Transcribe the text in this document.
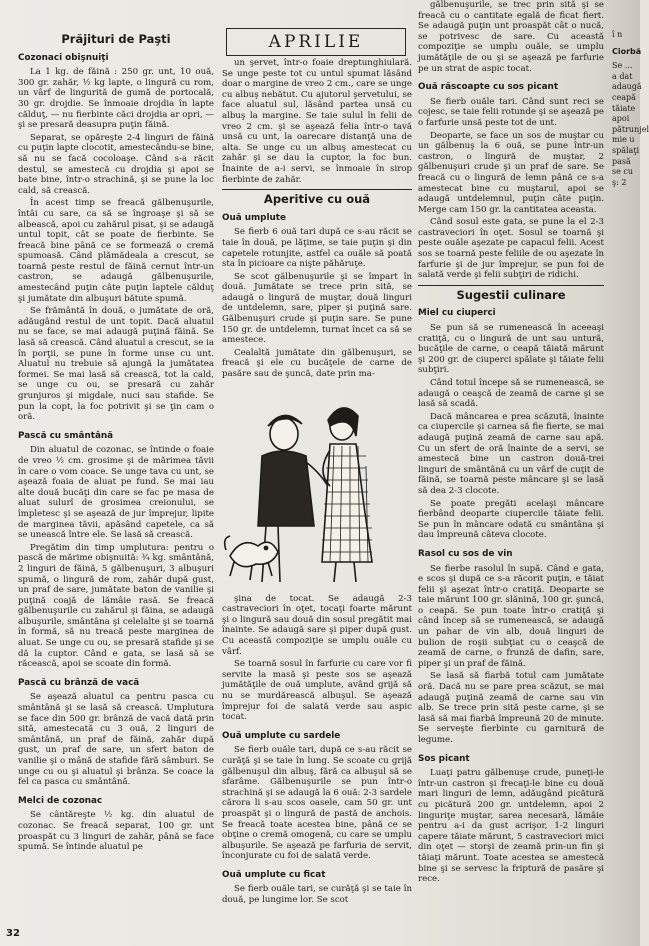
APRILIE
Prăjituri de Paşti
Cozonaci obişnuiţi

La 1 kg. de făină : 250 gr. unt, 10 ouă, 300 gr. zahăr, ½ kg lapte, o lingură cu rom, un vârf de lingurită de gumă de portocală, 30 gr. drojdie. Se înmoaie drojdia în lapte călduţ, — nu fierbinte căci drojdia ar opri, — şi se presară deasupra puţin făină.

Separat, se opăreşte 2-4 linguri de făină cu puţin lapte clocotit, amestecându-se bine, să nu se facă cocoloaşe. Când s-a răcit destul, se amestecă cu drojdia şi apoi se bate bine, într-o strachină, şi se pune la loc cald, să crească.

În acest timp se freacă gălbenuşurile, întâi cu sare, ca să se îngroaşe şi să se albească, apoi cu zahărul pisat, şi se adaugă untul topit, cât se poate de fierbinte. Se freacă bine până ce se formează o cremă spumoasă. Când plămădeala a crescut, se toarnă peste restul de făină cernut într-un castron, se adaugă gălbenuşurile, amestecând puţin câte puţin laptele călduţ şi jumătate din albuşuri bătute spumă.

Se frământă în două, o jumătate de oră, adăugând restul de unt topit. Dacă aluatul nu se face, se mai adaugă puţină făină. Se lasă să crească. Când aluatul a crescut, se ia în porţii, se pune în forme unse cu unt. Aluatul nu trebuie să ajungă la jumătatea formei. Se mai lasă să crească, tot la cald, se unge cu ou, se presară cu zahăr grunjuros şi migdale, nuci sau stafide. Se pun la copt, la foc potrivit şi se ţin cam o oră.

Pască cu smântână

Din aluatul de cozonac, se întinde o foaie de vreo ½ cm. grosime şi de mărimea tăvii în care o vom coace. Se unge tava cu unt, se aşează foaia de aluat pe fund. Se mai iau alte două bucăţi din care se fac pe masa de aluat sulurî de grosimea creionului, se împletesc şi se aşează de jur împrejur, lipite de marginea tăvii, apăsând capetele, ca să se unească între ele. Se lasă să crească.

Pregătim din timp umplutura: pentru o pască de mărime obişnuită: ¾ kg. smântână, 2 linguri de făină, 5 gălbenuşuri, 3 albuşuri spumă, o lingură de rom, zahăr după gust, un praf de sare, jumătate baton de vanilie şi puţină coajă de lămâie rasă. Se freacă gălbenuşurile cu zahărul şi făina, se adaugă albuşurile, smântâna şi celelalte şi se toarnă în formă, să nu treacă peste marginea de aluat. Se unge cu ou, se presară stafide şi se dă la cuptor. Când e gata, se lasă să se răcească, apoi se scoate din formă.

Pască cu brânză de vacă

Se aşează aluatul ca pentru pasca cu smântână şi se lasă să crească. Umplutura se face din 500 gr. brânză de vacă dată prin sită, amestecată cu 3 ouă, 2 linguri de smântână, un praf de făină, zahăr după gust, un praf de sare, un sfert baton de vanilie şi o mână de stafide fără sâmburi. Se unge cu ou şi aluatul şi brânza. Se coace la fel ca pasca cu smântână.

Melci de cozonac

Se cântăreşte ½ kg. din aluatul de cozonac. Se freacă separat, 100 gr. unt proaspăt cu 3 linguri de zahăr, până se face spumă. Se întinde aluatul pe

un şervet, într-o foaie dreptunghiulară. Se unge peste tot cu untul spumat lăsând doar o margine de vreo 2 cm., care se unge cu albuş nebătut. Cu ajutorul şervetului, se face aluatul sul, lăsând partea unsă cu albuş la margine. Se taie sulul în felii de vreo 2 cm. şi se aşează felia într-o tavă unsă cu unt, la oarecare distanţă una de alta. Se unge cu un albuş amestecat cu zahăr şi se dau la cuptor, la foc bun. Înainte de a-i servi, se înmoaie în sirop fierbinte de zahăr.

Aperitive cu ouă
Ouă umplute

Se fierb 6 ouă tari după ce s-au răcit se taie în două, pe lăţime, se taie puţin şi din capetele rotunjite, astfel ca ouăle să poată sta în picioare ca nişte păhăruţe.

Se scot gălbenuşurile şi se împart în două. Jumătate se trece prin sită, se adaugă o lingură de muştar, două linguri de untdelemn, sare, piper şi puţină sare. Gălbenuşuri crude şi puţin sare. Se pune 150 gr. de untdelemn, turnat încet ca să se amestece.

Cealaltă jumătate din gălbenuşuri, se freacă şi ele cu bucăţele de carne de pasăre sau de şuncă, date prin ma-

şina de tocat. Se adaugă 2-3 castraveciori în oţet, tocaţi foarte mărunt şi o lingură sau două din sosul pregătit mai înainte. Se adaugă sare şi piper după gust. Cu această compoziţie se umplu ouăle cu vârf.

Se toarnă sosul în farfurie cu care vor fi servite la masă şi peste sos se aşează jumătăţile de ouă umplute, având grijă să nu se murdărească albuşul. Se aşează împrejur foi de salată verde sau aspic tocat.

Ouă umplute cu sardele

Se fierb ouăle tari, după ce s-au răcit se curăţă şi se taie în lung. Se scoate cu grijă gălbenuşul din albuş, fără ca albuşul să se sfarâme. Gălbenuşurile se pun într-o strachină şi se adaugă la 6 ouă: 2-3 sardele cărora li s-au scos oasele, cam 50 gr. unt proaspăt şi o lingură de pastă de anchois. Se freacă toate acestea bine, până ce se obţine o cremă omogenă, cu care se umplu albuşurile. Se aşează pe farfuria de servit, înconjurate cu foi de salată verde.

Ouă umplute cu ficat

Se fierb ouăle tari, se curăţă şi se taie în două, pe lungime lor. Se scot

gălbenuşurile, se trec prin sită şi se freacă cu o cantitate egală de ficat fiert. Se adaugă puţin unt proaspăt cât o nucă, se potrivesc de sare. Cu această compoziţie se umplu ouăle, se umplu jumătăţile de ou şi se aşează pe farfurie pe un strat de aspic tocat.

Ouă răscoapte cu sos picant

Se fierb ouăle tari. Când sunt reci se cojesc, se taie felii rotunde şi se aşează pe o farfurie unsă peste tot de unt.

Deoparte, se face un sos de muştar cu un gălbenuş la 6 ouă, se pune într-un castron, o lingură de muştar, 2 gălbenuşuri crude şi un praf de sare. Se freacă cu o lingură de lemn până ce s-a amestecat bine cu muştarul, apoi se adaugă untdelemnul, puţin câte puţin. Merge cam 150 gr. la cantitatea aceasta.

Când sosul este gata, se pune la el 2-3 castraveciori în oţet. Sosul se toarnă şi peste ouăle aşezate pe capacul felii. Acest sos se toarnă peste feliile de ou aşezate în farfurie şi de jur împrejur, se pun foi de salată verde şi felii subţiri de ridichi.

Sugestii culinare
Miel cu ciuperci

Se pun să se rumenească în aceeaşi cratiţă, cu o lingură de unt sau untură, bucăţile de carne, o ceapă tăiată mărunt şi 200 gr. de ciuperci spălate şi tăiate felii subţiri.

Când totul începe să se rumenească, se adaugă o ceaşcă de zeamă de carne şi se lasă să scadă.

Dacă mâncarea e prea scăzută, înainte ca ciupercile şi carnea să fie fierte, se mai adaugă puţină zeamă de carne sau apă. Cu un sfert de oră înainte de a servi, se amestecă bine un castron două-trei linguri de smântână cu un vârf de cuţit de făină, se toarnă peste mâncare şi se lasă să dea 2-3 clocote.

Se poate pregăti acelaşi mâncare fierbând deoparte ciupercile tăiate felii. Se pun în mâncare odată cu smântâna şi dau împreună câteva clocote.

Rasol cu sos de vin

Se fierbe rasolul în supă. Când e gata, e scos şi după ce s-a răcorit puţin, e tăiat felii şi aşezat într-o cratiţă. Deoparte se taie mărunt 100 gr. slănină, 100 gr. şuncă, o ceapă. Se pun toate într-o cratiţă şi când încep să se rumenească, se adaugă un pahar de vin alb, două linguri de bulion de roşii subţiat cu o ceaşcă de zeamă de carne, o frunză de dafin, sare, piper şi un praf de făină.

Se lasă să fiarbă totul cam jumătate oră. Dacă nu se pare prea scăzut, se mai adaugă puţină zeamă de carne sau vin alb. Se trece prin sită peste carne, şi se lasă să mai fiarbă împreună 20 de minute. Se serveşte fierbinte cu garnitură de legume.

Sos picant

Luaţi patru gălbenuşe crude, puneţi-le într-un castron şi frecaţi-le bine cu două mari linguri de lemn, adăugând picătură cu picătură 200 gr. untdelemn, apoi 2 linguriţe muştar, sarea necesară, lămâie pentru a-i da gust acrişor, 1-2 linguri capere tăiate mărunt, 5 castraveciori mici din oţet — storşi de zeamă prin-un fin şi tăiaţi mărunt. Toate acestea se amestecă bine şi se servesc la friptură de pasăre şi rece.

î n
Ciorbă
Se ...
a dat
adaugă
ceapă
tăiate
apoi
pătrunjel
mie u
spălaţi
pasă
se cu
ş: 2
32
